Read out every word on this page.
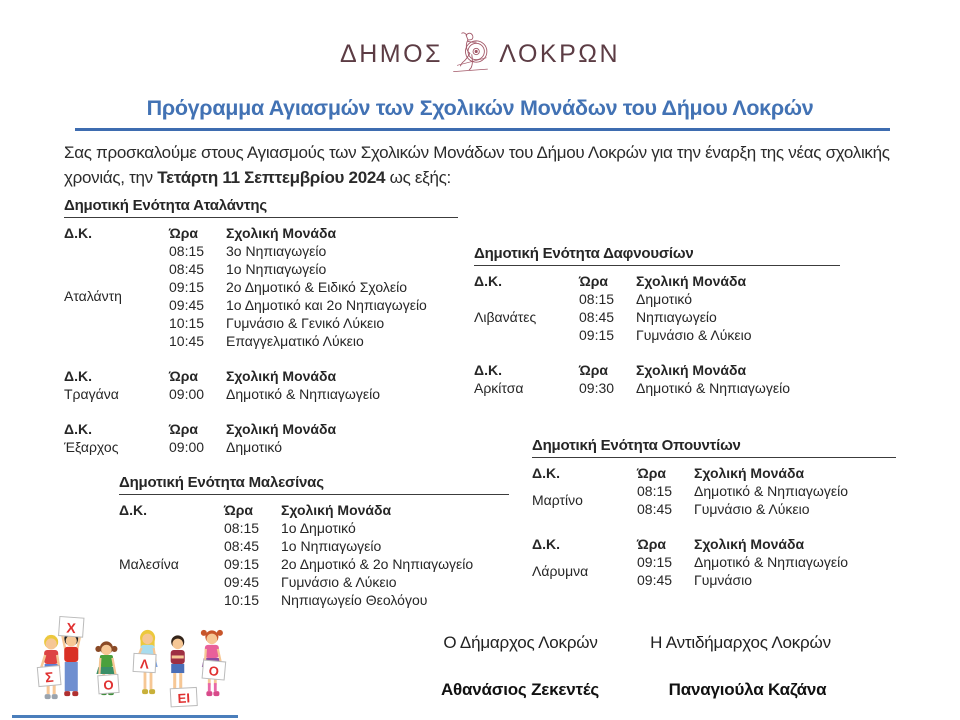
ΔΗΜΟΣ ΛΟΚΡΩΝ
Πρόγραμμα Αγιασμών των Σχολικών Μονάδων του Δήμου Λοκρών
Σας προσκαλούμε στους Αγιασμούς των Σχολικών Μονάδων του Δήμου Λοκρών για την έναρξη της νέας σχολικής χρονιάς, την Τετάρτη 11 Σεπτεμβρίου 2024 ως εξής:
Δημοτική Ενότητα Αταλάντης
Δ.Κ.	Ώρα	Σχολική Μονάδα
Αταλάντη
08:15	3ο Νηπιαγωγείο
08:45	1ο Νηπιαγωγείο
09:15	2ο Δημοτικό & Ειδικό Σχολείο
09:45	1ο Δημοτικό και 2ο Νηπιαγωγείο
10:15	Γυμνάσιο & Γενικό Λύκειο
10:45	Επαγγελματικό Λύκειο
Δ.Κ.	Ώρα	Σχολική Μονάδα
Τραγάνα	09:00	Δημοτικό & Νηπιαγωγείο
Δ.Κ.	Ώρα	Σχολική Μονάδα
Έξαρχος	09:00	Δημοτικό
Δημοτική Ενότητα Δαφνουσίων
Δ.Κ.	Ώρα	Σχολική Μονάδα
Λιβανάτες
08:15	Δημοτικό
08:45	Νηπιαγωγείο
09:15	Γυμνάσιο & Λύκειο
Δ.Κ.	Ώρα	Σχολική Μονάδα
Αρκίτσα	09:30	Δημοτικό & Νηπιαγωγείο
Δημοτική Ενότητα Μαλεσίνας
Δ.Κ.	Ώρα	Σχολική Μονάδα
Μαλεσίνα
08:15	1ο Δημοτικό
08:45	1ο Νηπιαγωγείο
09:15	2ο Δημοτικό & 2ο Νηπιαγωγείο
09:45	Γυμνάσιο & Λύκειο
10:15	Νηπιαγωγείο Θεολόγου
Δημοτική Ενότητα Οπουντίων
Δ.Κ.	Ώρα	Σχολική Μονάδα
Μαρτίνο
08:15	Δημοτικό & Νηπιαγωγείο
08:45	Γυμνάσιο & Λύκειο
Δ.Κ.	Ώρα	Σχολική Μονάδα
Λάρυμνα
09:15	Δημοτικό & Νηπιαγωγείο
09:45	Γυμνάσιο
Ο Δήμαρχος Λοκρών	Η Αντιδήμαρχος Λοκρών
Αθανάσιος Ζεκεντές	Παναγιούλα Καζάνα
Σ
Χ
Ο
Λ
ΕΙ
Ο
